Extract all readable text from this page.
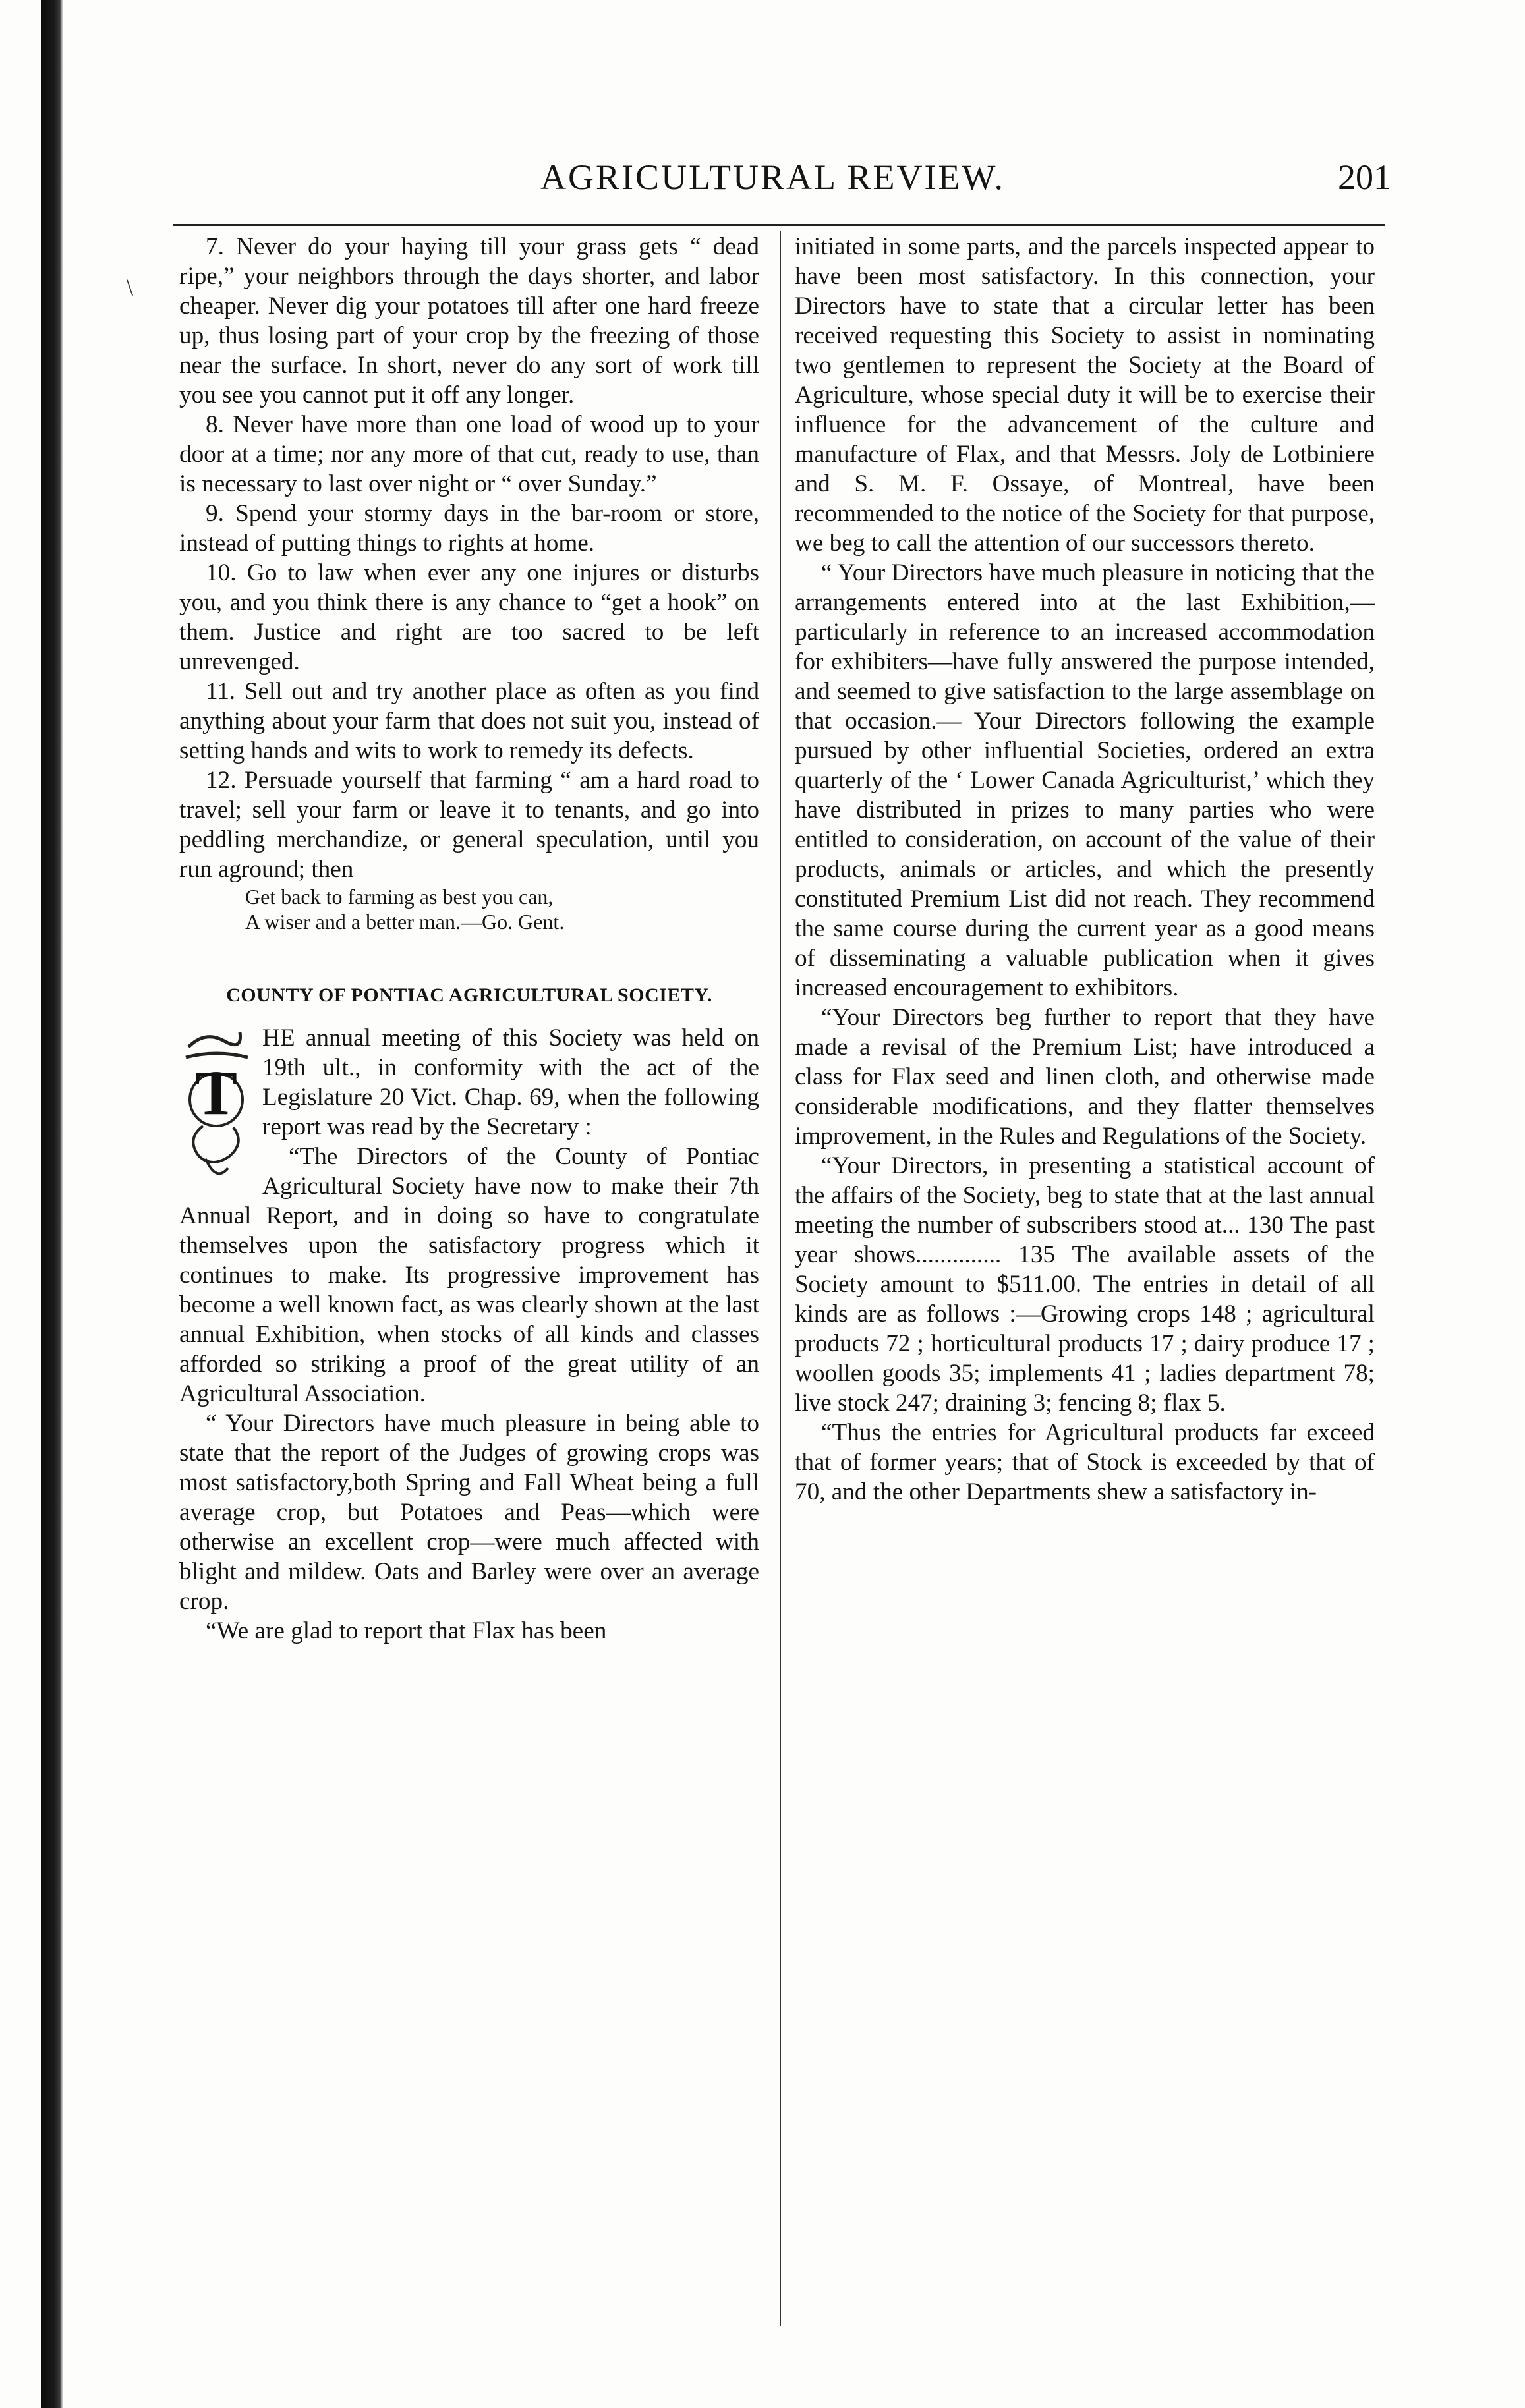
AGRICULTURAL REVIEW.	201
\

7. Never do your haying till your grass gets “ dead ripe,” your neighbors through the days shorter, and labor cheaper. Never dig your potatoes till after one hard freeze up, thus losing part of your crop by the freezing of those near the surface. In short, never do any sort of work till you see you cannot put it off any longer.

8. Never have more than one load of wood up to your door at a time; nor any more of that cut, ready to use, than is necessary to last over night or “ over Sunday.”

9. Spend your stormy days in the bar-room or store, instead of putting things to rights at home.

10. Go to law when ever any one injures or disturbs you, and you think there is any chance to “get a hook” on them. Justice and right are too sacred to be left unrevenged.

11. Sell out and try another place as often as you find anything about your farm that does not suit you, instead of setting hands and wits to work to remedy its defects.

12. Persuade yourself that farming “ am a hard road to travel; sell your farm or leave it to tenants, and go into peddling merchandize, or general speculation, until you run aground; then

Get back to farming as best you can,
A wiser and a better man.—Go. Gent.
COUNTY OF PONTIAC AGRICULTURAL SOCIETY.

T
HE annual meeting of this Society was held on 19th ult., in conformity with the act of the Legislature 20 Vict. Chap. 69, when the following report was read by the Secretary :

“The Directors of the County of Pontiac Agricultural Society have now to make their 7th Annual Report, and in doing so have to congratulate themselves upon the satisfactory progress which it continues to make. Its progressive improvement has become a well known fact, as was clearly shown at the last annual Exhibition, when stocks of all kinds and classes afforded so striking a proof of the great utility of an Agricultural Association.

“ Your Directors have much pleasure in being able to state that the report of the Judges of growing crops was most satisfactory,both Spring and Fall Wheat being a full average crop, but Potatoes and Peas—which were otherwise an excellent crop—were much affected with blight and mildew. Oats and Barley were over an average crop.

“We are glad to report that Flax has been

initiated in some parts, and the parcels inspected appear to have been most satisfactory. In this connection, your Directors have to state that a circular letter has been received requesting this Society to assist in nominating two gentlemen to represent the Society at the Board of Agriculture, whose special duty it will be to exercise their influence for the advancement of the culture and manufacture of Flax, and that Messrs. Joly de Lotbiniere and S. M. F. Ossaye, of Montreal, have been recommended to the notice of the Society for that purpose, we beg to call the attention of our successors thereto.

“ Your Directors have much pleasure in noticing that the arrangements entered into at the last Exhibition,—particularly in reference to an increased accommodation for exhibiters—have fully answered the purpose intended, and seemed to give satisfaction to the large assemblage on that occasion.— Your Directors following the example pursued by other influential Societies, ordered an extra quarterly of the ‘ Lower Canada Agriculturist,’ which they have distributed in prizes to many parties who were entitled to consideration, on account of the value of their products, animals or articles, and which the presently constituted Premium List did not reach. They recommend the same course during the current year as a good means of disseminating a valuable publication when it gives increased encouragement to exhibitors.

“Your Directors beg further to report that they have made a revisal of the Premium List; have introduced a class for Flax seed and linen cloth, and otherwise made considerable modifications, and they flatter themselves improvement, in the Rules and Regulations of the Society.

“Your Directors, in presenting a statistical account of the affairs of the Society, beg to state that at the last annual meeting the number of subscribers stood at... 130 The past year shows.............. 135 The available assets of the Society amount to $511.00. The entries in detail of all kinds are as follows :—Growing crops 148 ; agricultural products 72 ; horticultural products 17 ; dairy produce 17 ; woollen goods 35; implements 41 ; ladies department 78; live stock 247; draining 3; fencing 8; flax 5.

“Thus the entries for Agricultural products far exceed that of former years; that of Stock is exceeded by that of 70, and the other Departments shew a satisfactory in-
